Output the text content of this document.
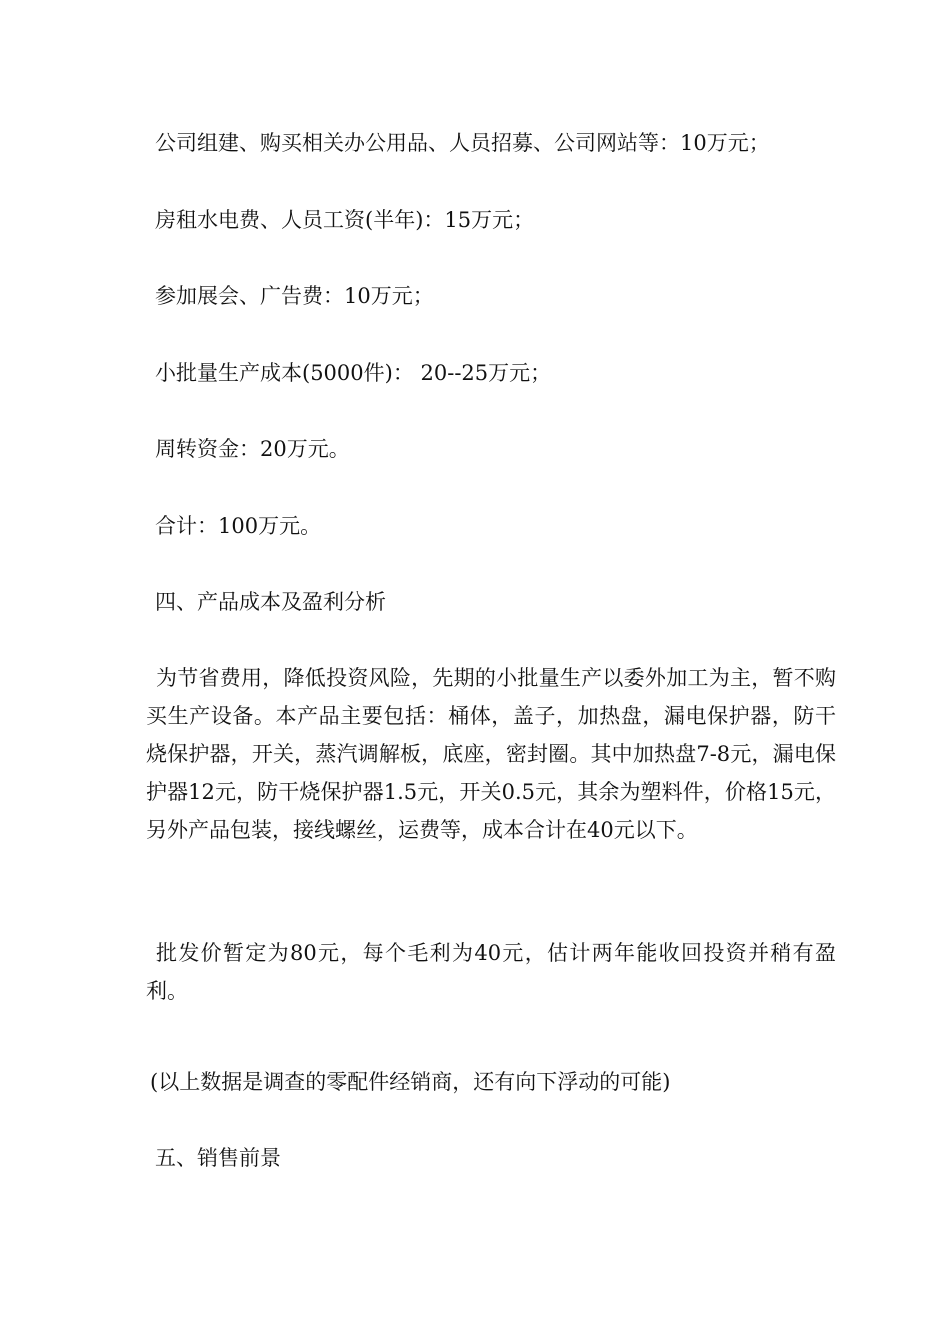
公司组建、购买相关办公用品、人员招募、公司网站等：10万元；
房租水电费、人员工资(半年)：15万元；
参加展会、广告费：10万元；
小批量生产成本(5000件)： 20--25万元；
周转资金：20万元。
合计：100万元。
四、产品成本及盈利分析
为节省费用，降低投资风险，先期的小批量生产以委外加工为主，暂不购买生产设备。本产品主要包括：桶体，盖子，加热盘，漏电保护器，防干烧保护器，开关，蒸汽调解板，底座，密封圈。其中加热盘7-8元，漏电保护器12元，防干烧保护器1.5元，开关0.5元，其余为塑料件，价格15元，另外产品包装，接线螺丝，运费等，成本合计在40元以下。
批发价暂定为80元，每个毛利为40元，估计两年能收回投资并稍有盈利。
(以上数据是调查的零配件经销商，还有向下浮动的可能)
五、销售前景
